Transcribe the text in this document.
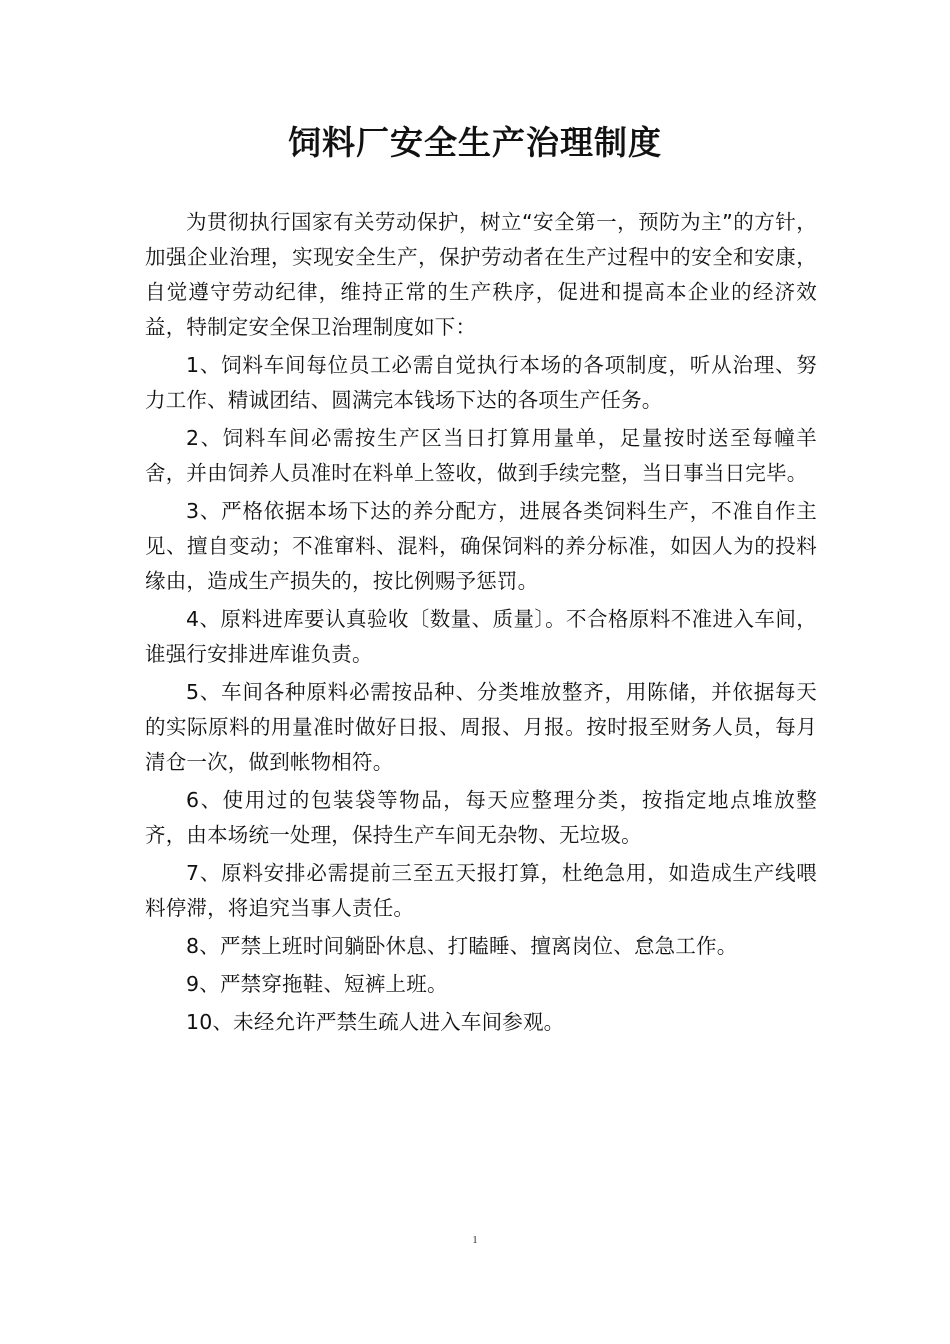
饲料厂安全生产治理制度

为贯彻执行国家有关劳动保护，树立“安全第一，预防为主”的方针，加强企业治理，实现安全生产，保护劳动者在生产过程中的安全和安康，自觉遵守劳动纪律，维持正常的生产秩序，促进和提高本企业的经济效益，特制定安全保卫治理制度如下：

1、饲料车间每位员工必需自觉执行本场的各项制度，听从治理、努力工作、精诚团结、圆满完本钱场下达的各项生产任务。

2、饲料车间必需按生产区当日打算用量单，足量按时送至每幢羊舍，并由饲养人员准时在料单上签收，做到手续完整，当日事当日完毕。

3、严格依据本场下达的养分配方，进展各类饲料生产，不准自作主见、擅自变动；不准窜料、混料，确保饲料的养分标准，如因人为的投料缘由，造成生产损失的，按比例赐予惩罚。

4、原料进库要认真验收〔数量、质量〕。不合格原料不准进入车间，谁强行安排进库谁负责。

5、车间各种原料必需按品种、分类堆放整齐，用陈储，并依据每天的实际原料的用量准时做好日报、周报、月报。按时报至财务人员，每月清仓一次，做到帐物相符。

6、使用过的包装袋等物品，每天应整理分类，按指定地点堆放整齐，由本场统一处理，保持生产车间无杂物、无垃圾。

7、原料安排必需提前三至五天报打算，杜绝急用，如造成生产线喂料停滞，将追究当事人责任。

8、严禁上班时间躺卧休息、打瞌睡、擅离岗位、怠急工作。

9、严禁穿拖鞋、短裤上班。

10、未经允许严禁生疏人进入车间参观。

1
